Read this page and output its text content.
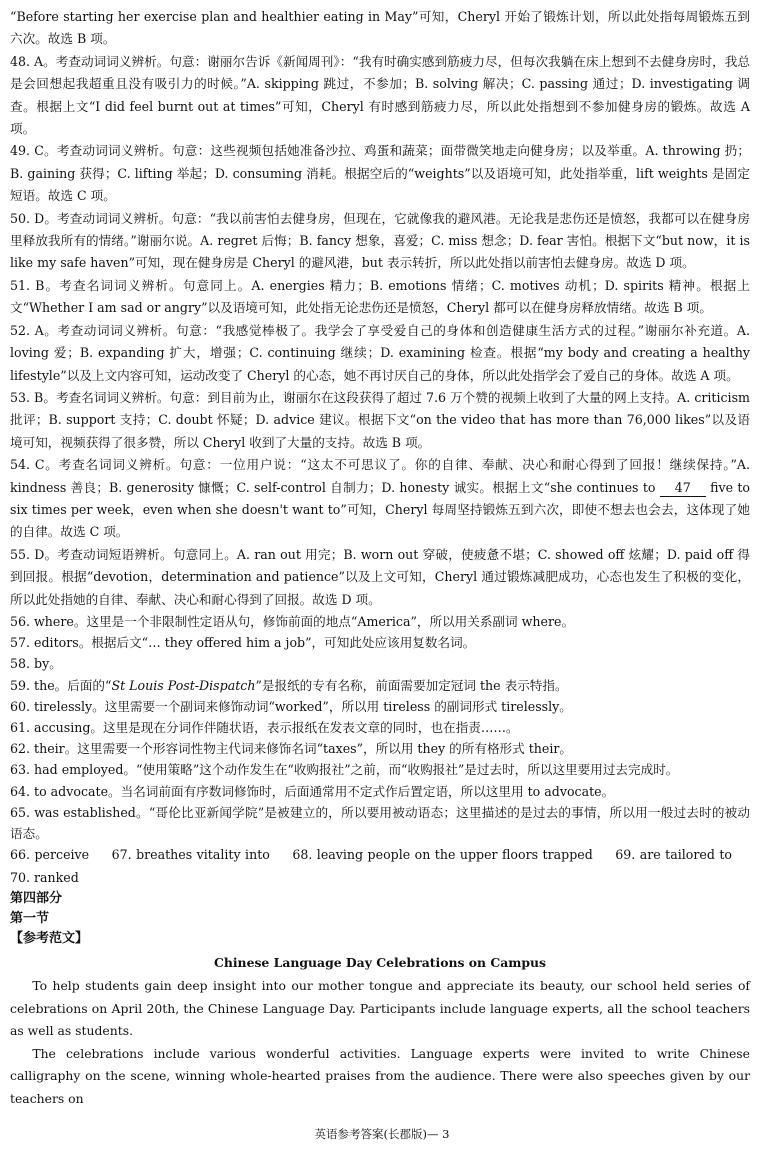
“Before starting her exercise plan and healthier eating in May”可知，Cheryl 开始了锻炼计划，所以此处指每周锻炼五到六次。故选 B 项。

48. A。考查动词词义辨析。句意：谢丽尔告诉《新闻周刊》：“我有时确实感到筋疲力尽，但每次我躺在床上想到不去健身房时，我总是会回想起我超重且没有吸引力的时候。”A. skipping 跳过，不参加；B. solving 解决；C. passing 通过；D. investigating 调查。根据上文“I did feel burnt out at times”可知，Cheryl 有时感到筋疲力尽，所以此处指想到不参加健身房的锻炼。故选 A 项。

49. C。考查动词词义辨析。句意：这些视频包括她准备沙拉、鸡蛋和蔬菜；面带微笑地走向健身房；以及举重。A. throwing 扔；B. gaining 获得；C. lifting 举起；D. consuming 消耗。根据空后的“weights”以及语境可知，此处指举重，lift weights 是固定短语。故选 C 项。

50. D。考查动词词义辨析。句意：“我以前害怕去健身房，但现在，它就像我的避风港。无论我是悲伤还是愤怒，我都可以在健身房里释放我所有的情绪。”谢丽尔说。A. regret 后悔；B. fancy 想象，喜爱；C. miss 想念；D. fear 害怕。根据下文“but now，it is like my safe haven”可知，现在健身房是 Cheryl 的避风港，but 表示转折，所以此处指以前害怕去健身房。故选 D 项。

51. B。考查名词词义辨析。句意同上。A. energies 精力；B. emotions 情绪；C. motives 动机；D. spirits 精神。根据上文“Whether I am sad or angry”以及语境可知，此处指无论悲伤还是愤怒，Cheryl 都可以在健身房释放情绪。故选 B 项。

52. A。考查动词词义辨析。句意：“我感觉棒极了。我学会了享受爱自己的身体和创造健康生活方式的过程。”谢丽尔补充道。A. loving 爱；B. expanding 扩大，增强；C. continuing 继续；D. examining 检查。根据“my body and creating a healthy lifestyle”以及上文内容可知，运动改变了 Cheryl 的心态，她不再讨厌自己的身体，所以此处指学会了爱自己的身体。故选 A 项。

53. B。考查名词词义辨析。句意：到目前为止，谢丽尔在这段获得了超过 7.6 万个赞的视频上收到了大量的网上支持。A. criticism 批评；B. support 支持；C. doubt 怀疑；D. advice 建议。根据下文“on the video that has more than 76,000 likes”以及语境可知，视频获得了很多赞，所以 Cheryl 收到了大量的支持。故选 B 项。

54. C。考查名词词义辨析。句意：一位用户说：“这太不可思议了。你的自律、奉献、决心和耐心得到了回报！继续保持。”A. kindness 善良；B. generosity 慷慨；C. self-control 自制力；D. honesty 诚实。根据上文“she continues to 47 five to six times per week，even when she doesn't want to”可知，Cheryl 每周坚持锻炼五到六次，即使不想去也会去，这体现了她的自律。故选 C 项。

55. D。考查动词短语辨析。句意同上。A. ran out 用完；B. worn out 穿破，使疲惫不堪；C. showed off 炫耀；D. paid off 得到回报。根据“devotion，determination and patience”以及上文可知，Cheryl 通过锻炼减肥成功，心态也发生了积极的变化，所以此处指她的自律、奉献、决心和耐心得到了回报。故选 D 项。

56. where。这里是一个非限制性定语从句，修饰前面的地点“America”，所以用关系副词 where。

57. editors。根据后文“… they offered him a job”，可知此处应该用复数名词。

58. by。

59. the。后面的“St Louis Post-Dispatch”是报纸的专有名称，前面需要加定冠词 the 表示特指。

60. tirelessly。这里需要一个副词来修饰动词“worked”，所以用 tireless 的副词形式 tirelessly。

61. accusing。这里是现在分词作伴随状语，表示报纸在发表文章的同时，也在指责……。

62. their。这里需要一个形容词性物主代词来修饰名词“taxes”，所以用 they 的所有格形式 their。

63. had employed。“使用策略”这个动作发生在“收购报社”之前，而“收购报社”是过去时，所以这里要用过去完成时。

64. to advocate。当名词前面有序数词修饰时，后面通常用不定式作后置定语，所以这里用 to advocate。

65. was established。“哥伦比亚新闻学院”是被建立的，所以要用被动语态；这里描述的是过去的事情，所以用一般过去时的被动语态。

66. perceive 67. breathes vitality into 68. leaving people on the upper floors trapped 69. are tailored to 70. ranked

第四部分

第一节

【参考范文】

Chinese Language Day Celebrations on Campus

To help students gain deep insight into our mother tongue and appreciate its beauty, our school held series of celebrations on April 20th, the Chinese Language Day. Participants include language experts, all the school teachers as well as students.

The celebrations include various wonderful activities. Language experts were invited to write Chinese calligraphy on the scene, winning whole-hearted praises from the audience. There were also speeches given by our teachers on

英语参考答案(长郡版)— 3
